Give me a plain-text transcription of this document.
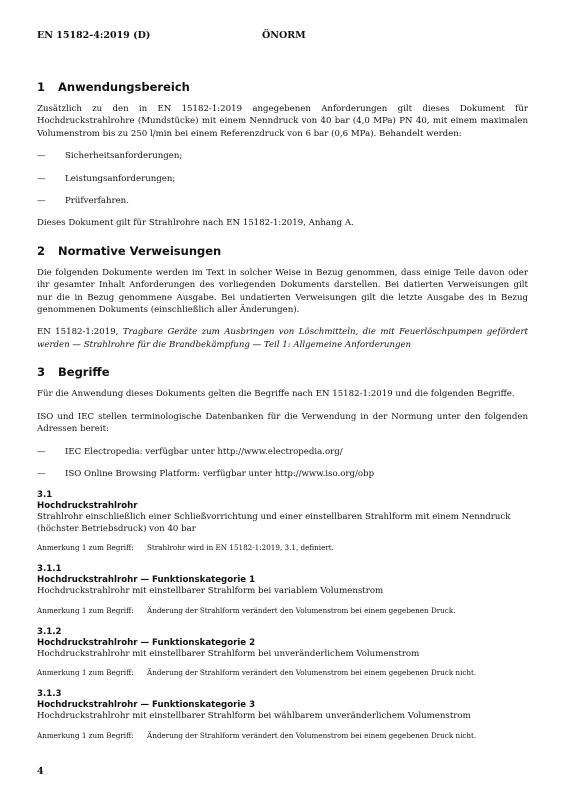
EN 15182-4:2019 (D)	ÖNORM
1 Anwendungsbereich

Zusätzlich zu den in EN 15182-1:2019 angegebenen Anforderungen gilt dieses Dokument für Hochdruckstrahlrohre (Mundstücke) mit einem Nenndruck von 40 bar (4,0 MPa) PN 40, mit einem maximalen Volumenstrom bis zu 250 l/min bei einem Referenzdruck von 6 bar (0,6 MPa). Behandelt werden:

—	Sicherheitsanforderungen;
—	Leistungsanforderungen;
—	Prüfverfahren.

Dieses Dokument gilt für Strahlrohre nach EN 15182-1:2019, Anhang A.

2 Normative Verweisungen

Die folgenden Dokumente werden im Text in solcher Weise in Bezug genommen, dass einige Teile davon oder ihr gesamter Inhalt Anforderungen des vorliegenden Dokuments darstellen. Bei datierten Verweisungen gilt nur die in Bezug genommene Ausgabe. Bei undatierten Verweisungen gilt die letzte Ausgabe des in Bezug genommenen Dokuments (einschließlich aller Änderungen).

EN 15182-1:2019, Tragbare Geräte zum Ausbringen von Löschmitteln, die mit Feuerlöschpumpen gefördert werden — Strahlrohre für die Brandbekämpfung — Teil 1: Allgemeine Anforderungen

3 Begriffe

Für die Anwendung dieses Dokuments gelten die Begriffe nach EN 15182-1:2019 und die folgenden Begriffe.

ISO und IEC stellen terminologische Datenbanken für die Verwendung in der Normung unter den folgenden Adressen bereit:

—	IEC Electropedia: verfügbar unter http://www.electropedia.org/
—	ISO Online Browsing Platform: verfügbar unter http://www.iso.org/obp
3.1
Hochdruckstrahlrohr
Strahlrohr einschließlich einer Schließvorrichtung und einer einstellbaren Strahlform mit einem Nenndruck (höchster Betriebsdruck) von 40 bar
Anmerkung 1 zum Begriff:	Strahlrohr wird in EN 15182-1:2019, 3.1, definiert.
3.1.1
Hochdruckstrahlrohr — Funktionskategorie 1
Hochdruckstrahlrohr mit einstellbarer Strahlform bei variablem Volumenstrom
Anmerkung 1 zum Begriff:	Änderung der Strahlform verändert den Volumenstrom bei einem gegebenen Druck.
3.1.2
Hochdruckstrahlrohr — Funktionskategorie 2
Hochdruckstrahlrohr mit einstellbarer Strahlform bei unveränderlichem Volumenstrom
Anmerkung 1 zum Begriff:	Änderung der Strahlform verändert den Volumenstrom bei einem gegebenen Druck nicht.
3.1.3
Hochdruckstrahlrohr — Funktionskategorie 3
Hochdruckstrahlrohr mit einstellbarer Strahlform bei wählbarem unveränderlichem Volumenstrom
Anmerkung 1 zum Begriff:	Änderung der Strahlform verändert den Volumenstrom bei einem gegebenen Druck nicht.
4
